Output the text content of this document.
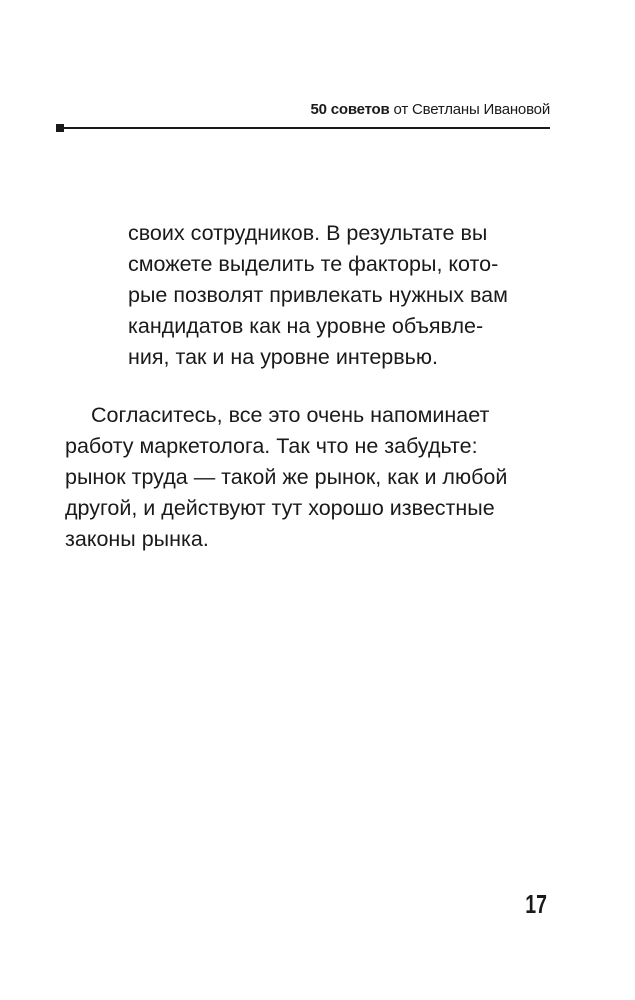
50 советов от Светланы Ивановой
своих сотрудников. В результате вы
сможете выделить те факторы, кото-
рые позволят привлекать нужных вам
кандидатов как на уровне объявле-
ния, так и на уровне интервью.
Согласитесь, все это очень напоминает
работу маркетолога. Так что не забудьте:
рынок труда — такой же рынок, как и любой
другой, и действуют тут хорошо известные
законы рынка.
17
